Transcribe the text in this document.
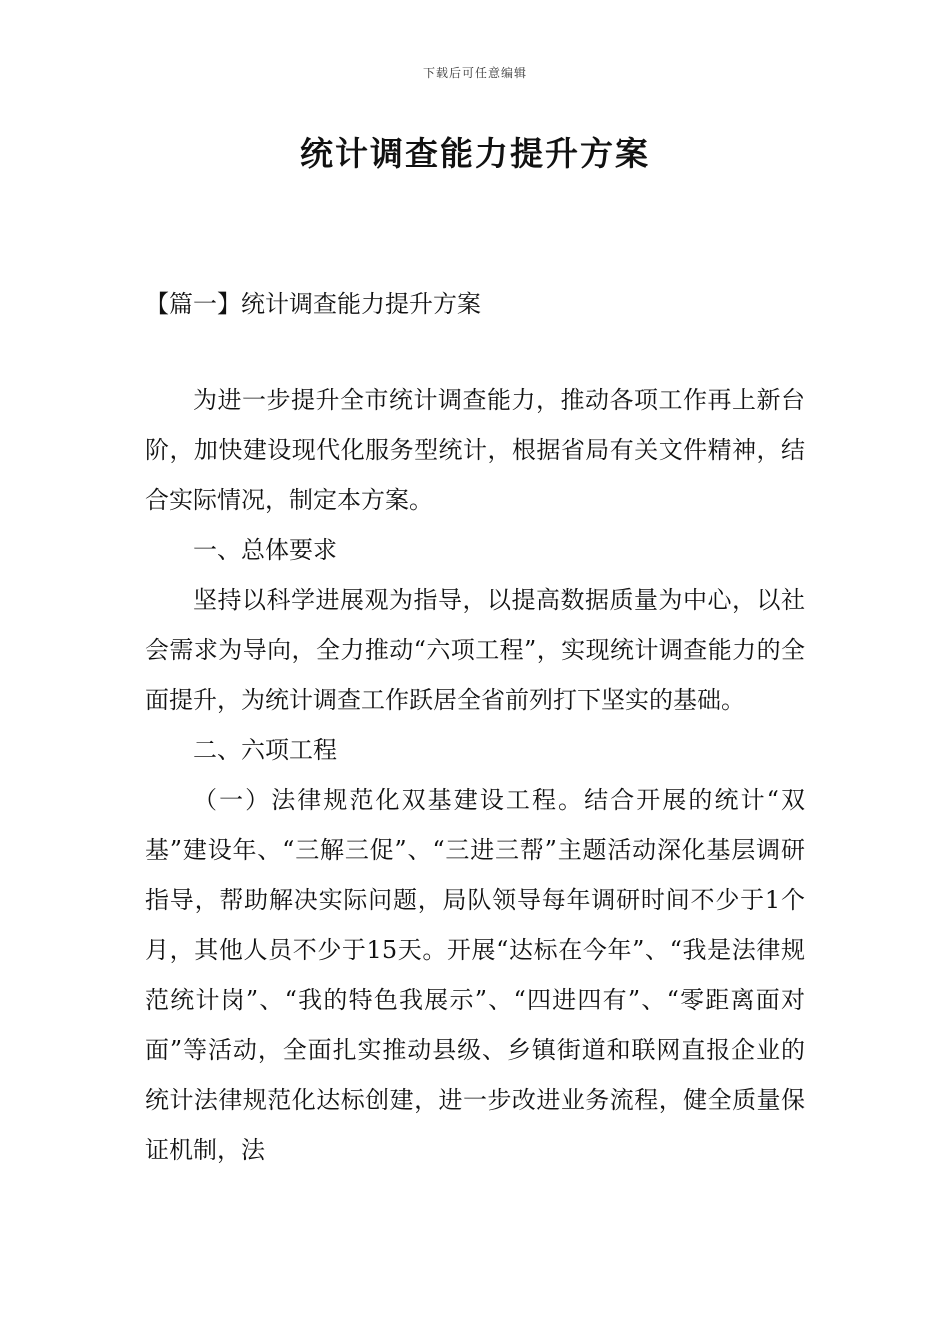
下载后可任意编辑
统计调查能力提升方案
【篇一】统计调查能力提升方案

为进一步提升全市统计调查能力，推动各项工作再上新台阶，加快建设现代化服务型统计，根据省局有关文件精神，结合实际情况，制定本方案。

一、总体要求

坚持以科学进展观为指导，以提高数据质量为中心，以社会需求为导向，全力推动“六项工程”，实现统计调查能力的全面提升，为统计调查工作跃居全省前列打下坚实的基础。

二、六项工程

（一）法律规范化双基建设工程。结合开展的统计“双基”建设年、“三解三促”、“三进三帮”主题活动深化基层调研指导，帮助解决实际问题，局队领导每年调研时间不少于1个月，其他人员不少于15天。开展“达标在今年”、“我是法律规范统计岗”、“我的特色我展示”、“四进四有”、“零距离面对面”等活动，全面扎实推动县级、乡镇街道和联网直报企业的统计法律规范化达标创建，进一步改进业务流程，健全质量保证机制，法
